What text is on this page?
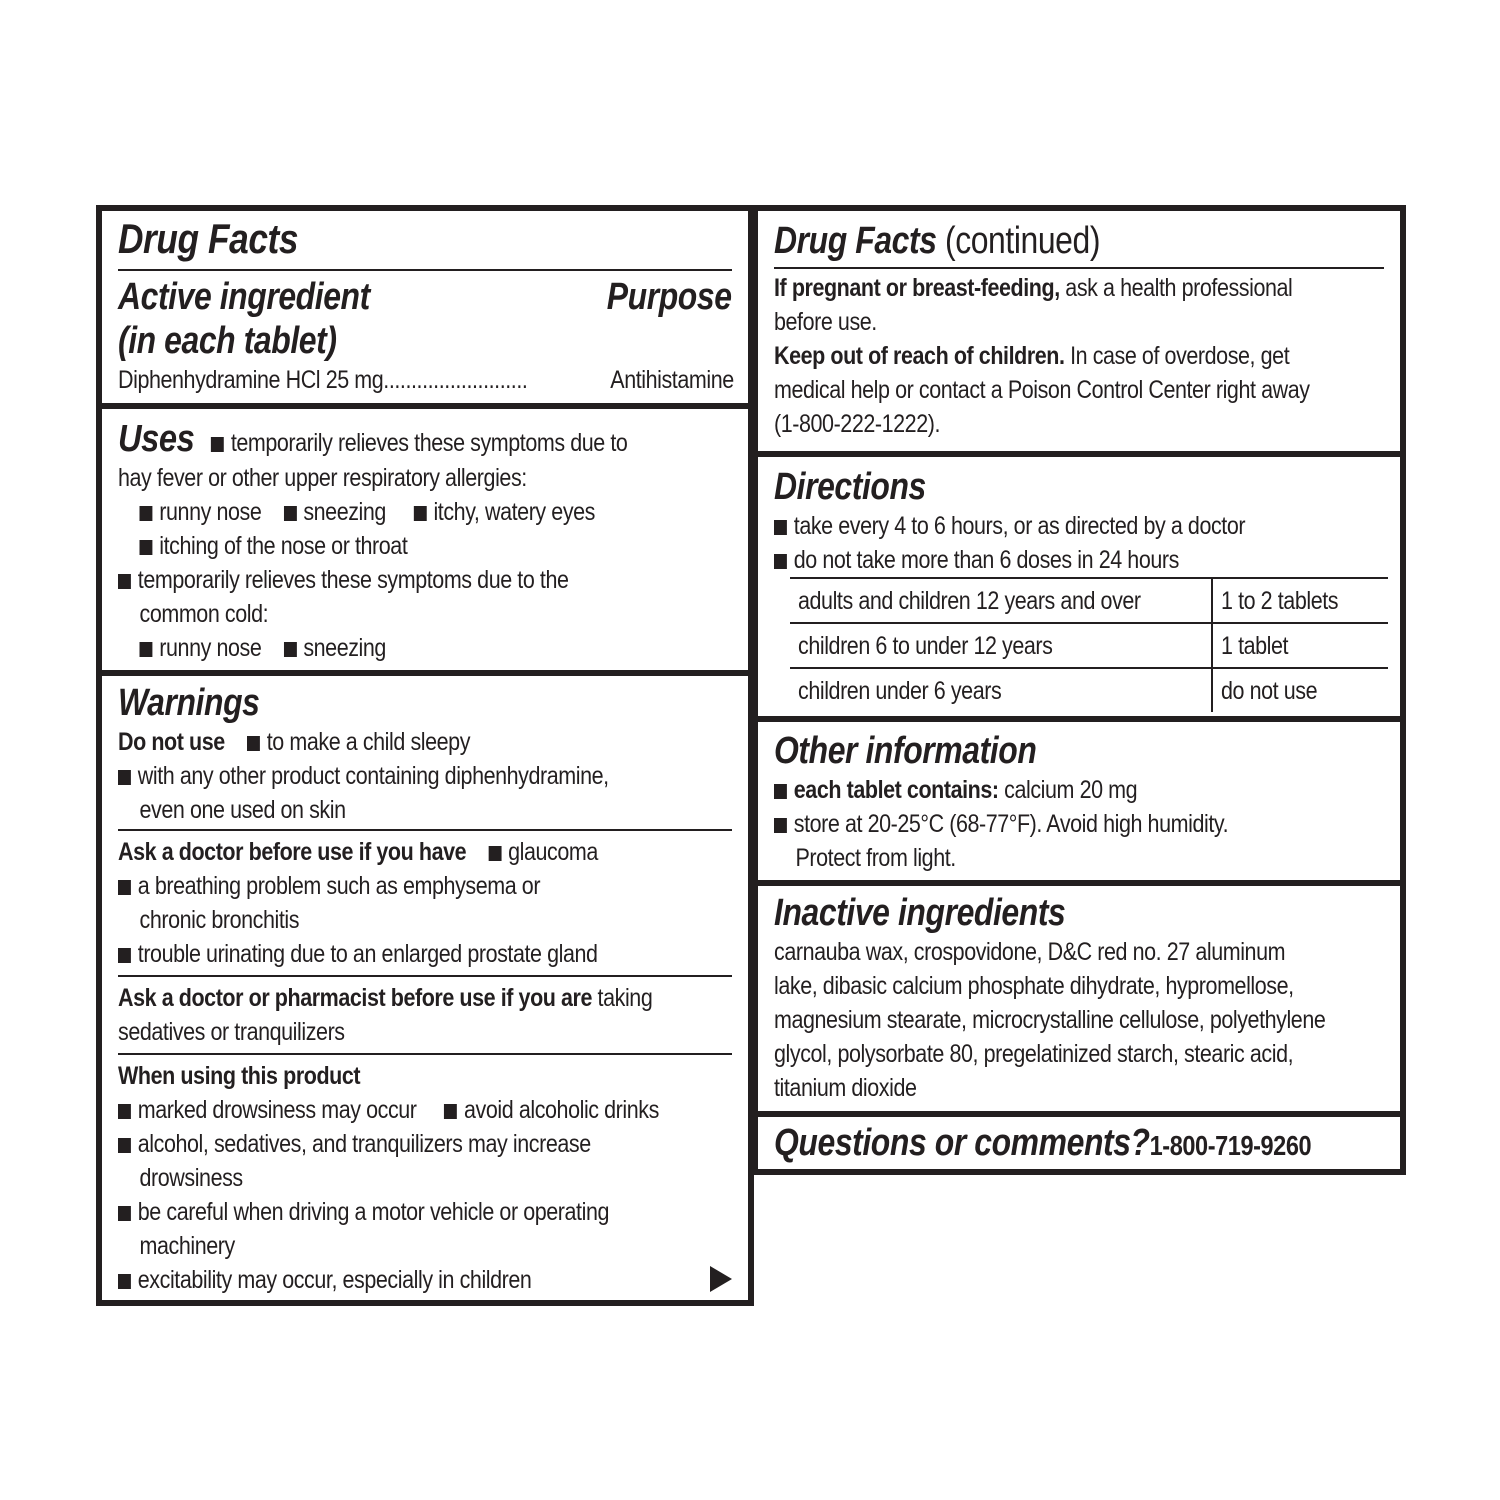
Drug Facts
Active ingredient	Purpose
(in each tablet)
Diphenhydramine HCl 25 mg ..........................	Antihistamine
Uses temporarily relieves these symptoms due to
hay fever or other upper respiratory allergies:
runny nose sneezing itchy, watery eyes
itching of the nose or throat
temporarily relieves these symptoms due to the
common cold:
runny nose sneezing
Warnings
Do not use to make a child sleepy
with any other product containing diphenhydramine,
even one used on skin
Ask a doctor before use if you have glaucoma
a breathing problem such as emphysema or
chronic bronchitis
trouble urinating due to an enlarged prostate gland
Ask a doctor or pharmacist before use if you are taking
sedatives or tranquilizers
When using this product
marked drowsiness may occur avoid alcoholic drinks
alcohol, sedatives, and tranquilizers may increase
drowsiness
be careful when driving a motor vehicle or operating
machinery
excitability may occur, especially in children
Drug Facts (continued)
If pregnant or breast-feeding, ask a health professional
before use.
Keep out of reach of children. In case of overdose, get
medical help or contact a Poison Control Center right away
(1-800-222-1222).
Directions
take every 4 to 6 hours, or as directed by a doctor
do not take more than 6 doses in 24 hours
adults and children 12 years and over	1 to 2 tablets
children 6 to under 12 years	1 tablet
children under 6 years	do not use
Other information
each tablet contains: calcium 20 mg
store at 20-25°C (68-77°F). Avoid high humidity.
Protect from light.
Inactive ingredients
carnauba wax, crospovidone, D&C red no. 27 aluminum
lake, dibasic calcium phosphate dihydrate, hypromellose,
magnesium stearate, microcrystalline cellulose, polyethylene
glycol, polysorbate 80, pregelatinized starch, stearic acid,
titanium dioxide
Questions or comments?1-800-719-9260
